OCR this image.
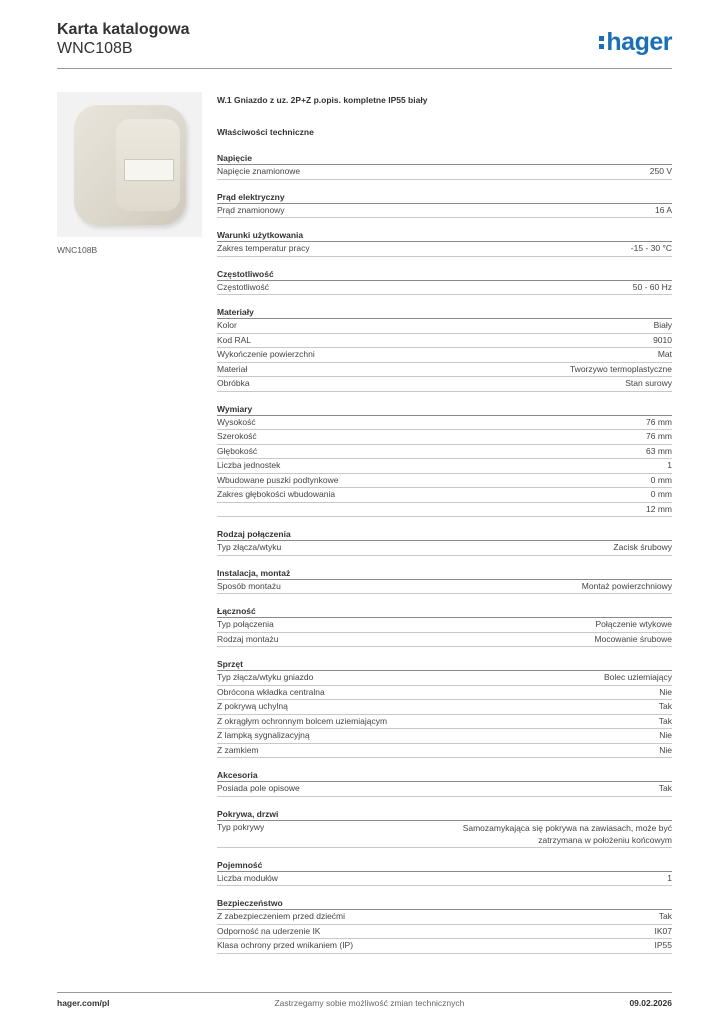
Karta katalogowa
WNC108B	hager
WNC108B
W.1 Gniazdo z uz. 2P+Z p.opis. kompletne IP55 biały
Właściwości techniczne
Napięcie
Napięcie znamionowe	250 V
Prąd elektryczny
Prąd znamionowy	16 A
Warunki użytkowania
Zakres temperatur pracy	-15 - 30 °C
Częstotliwość
Częstotliwość	50 - 60 Hz
Materiały
Kolor	Biały
Kod RAL	9010
Wykończenie powierzchni	Mat
Materiał	Tworzywo termoplastyczne
Obróbka	Stan surowy
Wymiary
Wysokość	76 mm
Szerokość	76 mm
Głębokość	63 mm
Liczba jednostek	1
Wbudowane puszki podtynkowe	0 mm
Zakres głębokości wbudowania	0 mm
12 mm
Rodzaj połączenia
Typ złącza/wtyku	Zacisk śrubowy
Instalacja, montaż
Sposób montażu	Montaż powierzchniowy
Łączność
Typ połączenia	Połączenie wtykowe
Rodzaj montażu	Mocowanie śrubowe
Sprzęt
Typ złącza/wtyku gniazdo	Bolec uziemiający
Obrócona wkładka centralna	Nie
Z pokrywą uchylną	Tak
Z okrągłym ochronnym bolcem uziemiającym	Tak
Z lampką sygnalizacyjną	Nie
Z zamkiem	Nie
Akcesoria
Posiada pole opisowe	Tak
Pokrywa, drzwi
Typ pokrywy	Samozamykająca się pokrywa na zawiasach, może być zatrzymana w położeniu końcowym
Pojemność
Liczba modułów	1
Bezpieczeństwo
Z zabezpieczeniem przed dziećmi	Tak
Odporność na uderzenie IK	IK07
Klasa ochrony przed wnikaniem (IP)	IP55
hager.com/pl	Zastrzegamy sobie możliwość zmian technicznych	09.02.2026
